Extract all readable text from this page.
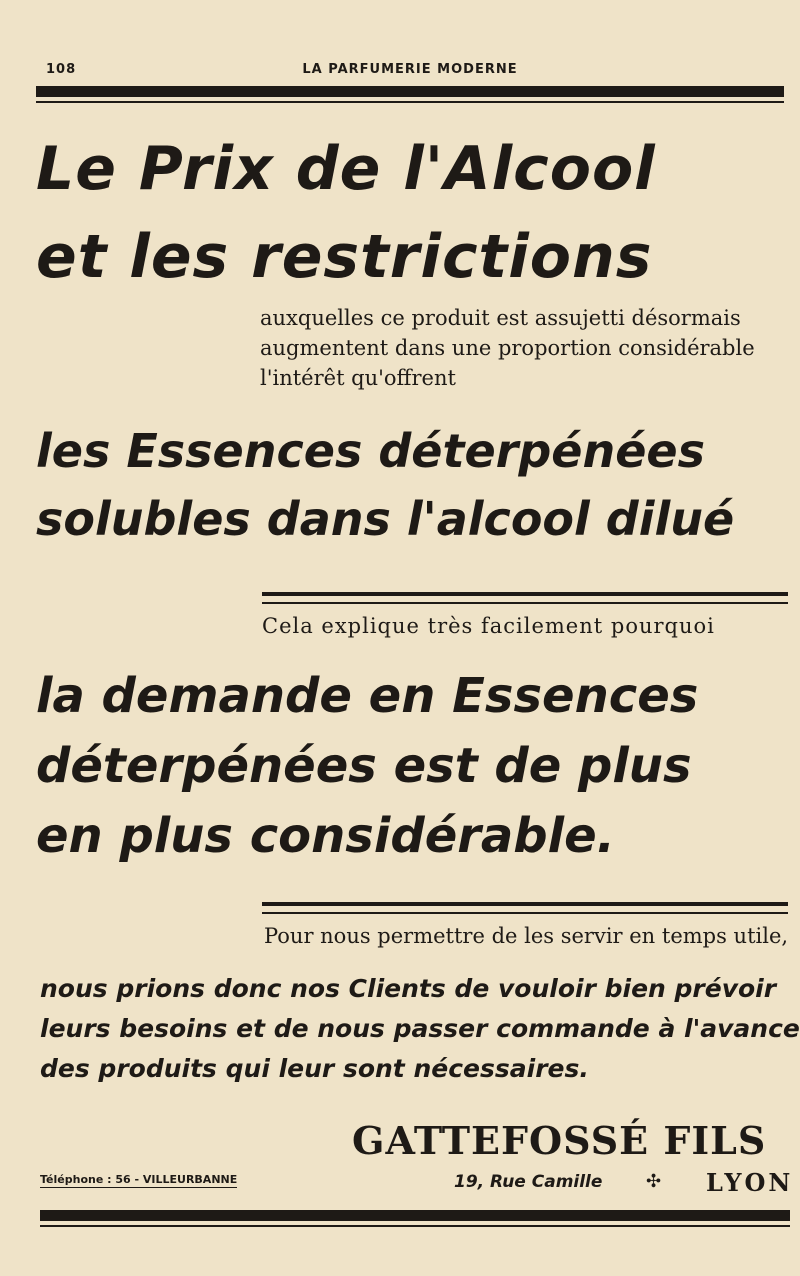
108	LA PARFUMERIE MODERNE
Le Prix de l'Alcool
et les restrictions
auxquelles ce produit est assujetti désormais
augmentent dans une proportion considérable
l'intérêt qu'offrent
les Essences déterpénées
solubles dans l'alcool dilué
Cela explique très facilement pourquoi
la demande en Essences
déterpénées est de plus
en plus considérable.
Pour nous permettre de les servir en temps utile,
nous prions donc nos Clients de vouloir bien prévoir
leurs besoins et de nous passer commande à l'avance
des produits qui leur sont nécessaires.
GATTEFOSSÉ FILS
Téléphone : 56 - VILLEURBANNE	19, Rue Camille ✣ LYON
